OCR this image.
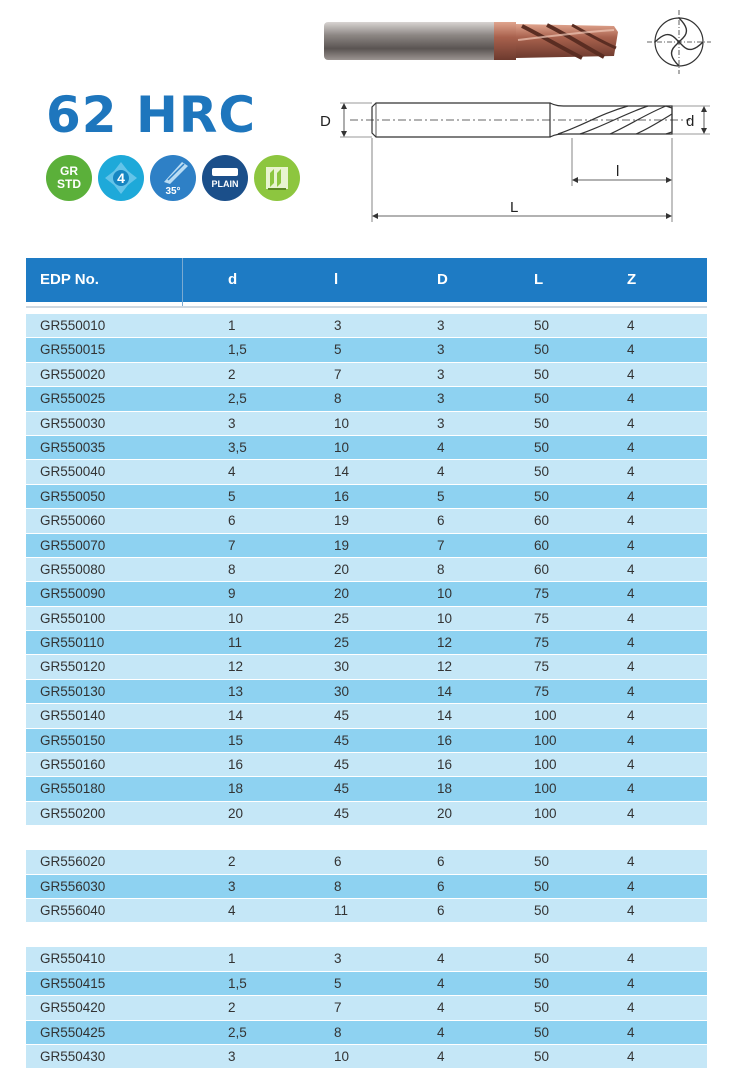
62 HRC
GR
STD	4
35°
PLAIN
D	d
l
L
EDP No.	d	l	D	L	Z
GR550010	1	3	3	50	4
GR550015	1,5	5	3	50	4
GR550020	2	7	3	50	4
GR550025	2,5	8	3	50	4
GR550030	3	10	3	50	4
GR550035	3,5	10	4	50	4
GR550040	4	14	4	50	4
GR550050	5	16	5	50	4
GR550060	6	19	6	60	4
GR550070	7	19	7	60	4
GR550080	8	20	8	60	4
GR550090	9	20	10	75	4
GR550100	10	25	10	75	4
GR550110	11	25	12	75	4
GR550120	12	30	12	75	4
GR550130	13	30	14	75	4
GR550140	14	45	14	100	4
GR550150	15	45	16	100	4
GR550160	16	45	16	100	4
GR550180	18	45	18	100	4
GR550200	20	45	20	100	4
GR556020	2	6	6	50	4
GR556030	3	8	6	50	4
GR556040	4	11	6	50	4
GR550410	1	3	4	50	4
GR550415	1,5	5	4	50	4
GR550420	2	7	4	50	4
GR550425	2,5	8	4	50	4
GR550430	3	10	4	50	4
